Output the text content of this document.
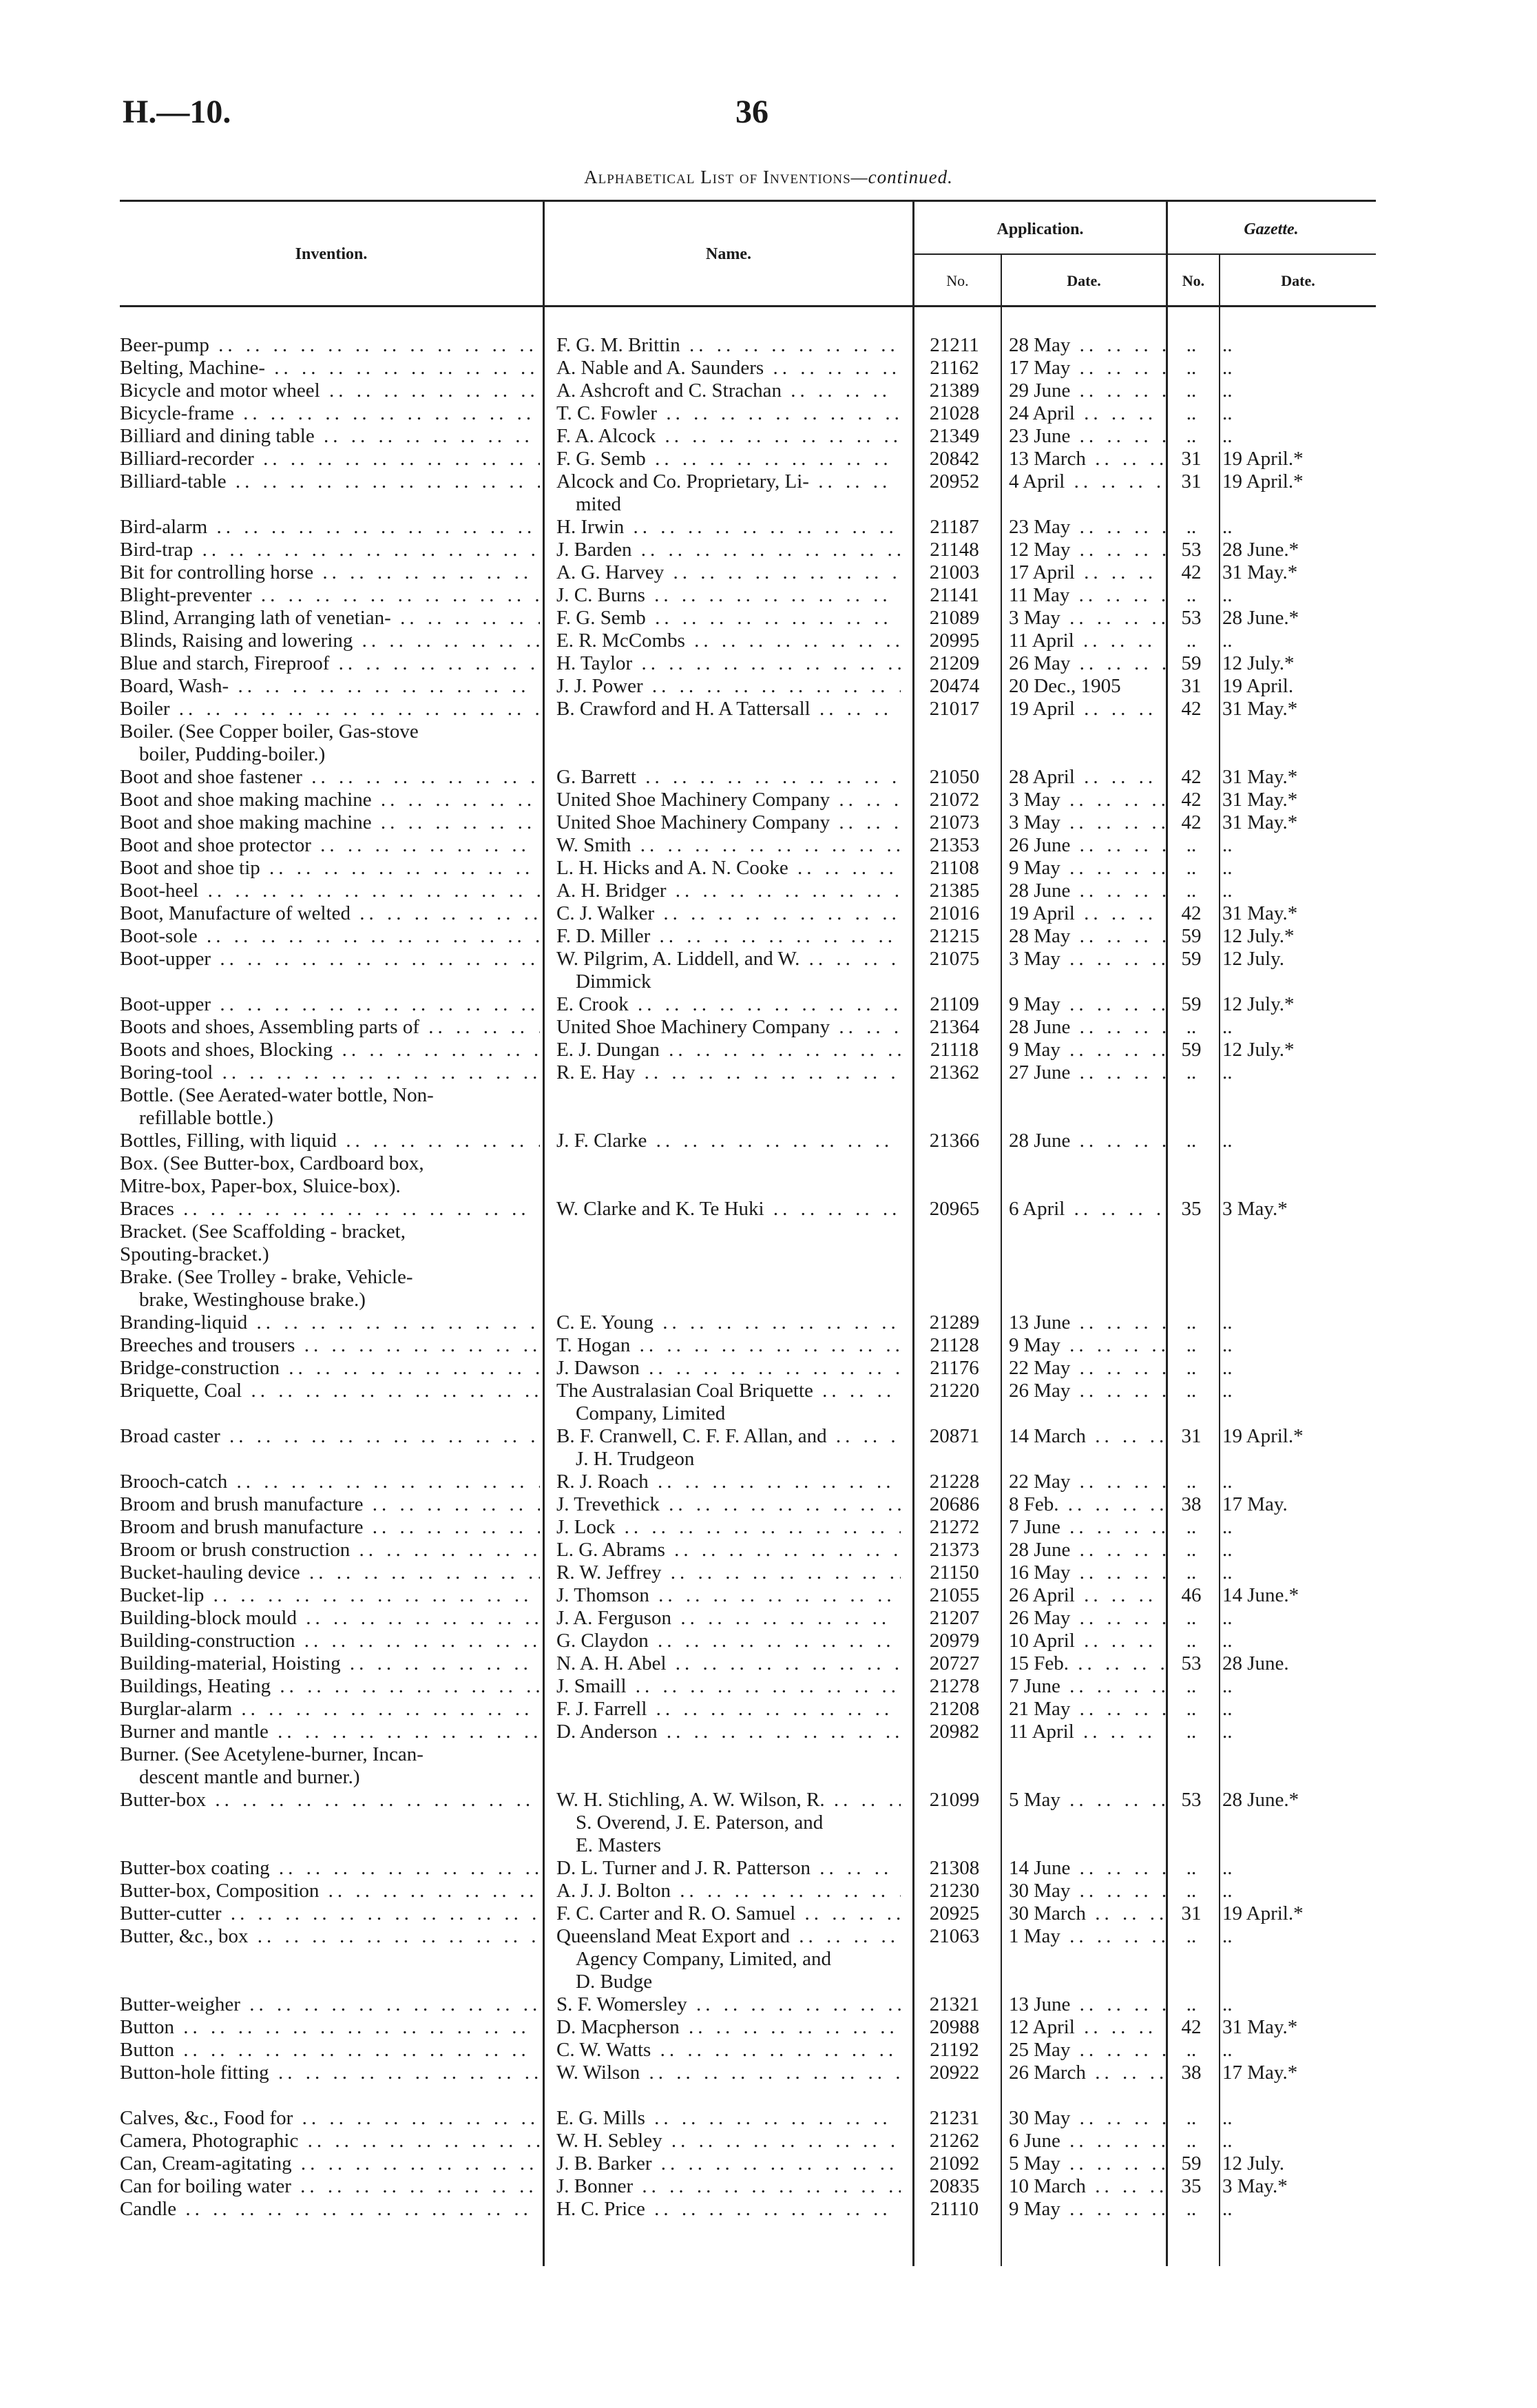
H.—10.	36
Alphabetical List of Inventions—continued.
Invention.	Name.
Application.	Gazette.
No.	Date.	No.	Date.
Beer-pump .. ..	F. G. M. Brittin .. ..	21211	28 May .. ..	..	..
Belting, Machine- .. ..	A. Nable and A. Saunders .. ..	21162	17 May .. ..	..	..
Bicycle and motor wheel .. ..	A. Ashcroft and C. Strachan .. ..	21389	29 June .. ..	..	..
Bicycle-frame .. ..	T. C. Fowler .. ..	21028	24 April .. ..	..	..
Billiard and dining table .. ..	F. A. Alcock .. ..	21349	23 June .. ..	..	..
Billiard-recorder .. ..	F. G. Semb .. ..	20842	13 March .. ..	31	19 April.*
Billiard-table .. ..	Alcock and Co. Proprietary, Li- .. ..	20952	4 April .. ..	31	19 April.*
mited
Bird-alarm .. ..	H. Irwin .. ..	21187	23 May .. ..	..	..
Bird-trap .. ..	J. Barden .. ..	21148	12 May .. ..	53	28 June.*
Bit for controlling horse .. ..	A. G. Harvey .. ..	21003	17 April .. ..	42	31 May.*
Blight-preventer .. ..	J. C. Burns .. ..	21141	11 May .. ..	..	..
Blind, Arranging lath of venetian- .. ..	F. G. Semb .. ..	21089	3 May .. ..	53	28 June.*
Blinds, Raising and lowering .. ..	E. R. McCombs .. ..	20995	11 April .. ..	..	..
Blue and starch, Fireproof .. ..	H. Taylor .. ..	21209	26 May .. ..	59	12 July.*
Board, Wash- .. ..	J. J. Power .. ..	20474	20 Dec., 1905	31	19 April.
Boiler .. ..	B. Crawford and H. A Tattersall .. ..	21017	19 April .. ..	42	31 May.*
Boiler. (See Copper boiler, Gas-stove
boiler, Pudding-boiler.)
Boot and shoe fastener .. ..	G. Barrett .. ..	21050	28 April .. ..	42	31 May.*
Boot and shoe making machine .. ..	United Shoe Machinery Company .. ..	21072	3 May .. ..	42	31 May.*
Boot and shoe making machine .. ..	United Shoe Machinery Company .. ..	21073	3 May .. ..	42	31 May.*
Boot and shoe protector .. ..	W. Smith .. ..	21353	26 June .. ..	..	..
Boot and shoe tip .. ..	L. H. Hicks and A. N. Cooke .. ..	21108	9 May .. ..	..	..
Boot-heel .. ..	A. H. Bridger .. ..	21385	28 June .. ..	..	..
Boot, Manufacture of welted .. ..	C. J. Walker .. ..	21016	19 April .. ..	42	31 May.*
Boot-sole .. ..	F. D. Miller .. ..	21215	28 May .. ..	59	12 July.*
Boot-upper .. ..	W. Pilgrim, A. Liddell, and W. .. ..	21075	3 May .. ..	59	12 July.
Dimmick
Boot-upper .. ..	E. Crook .. ..	21109	9 May .. ..	59	12 July.*
Boots and shoes, Assembling parts of .. ..	United Shoe Machinery Company .. ..	21364	28 June .. ..	..	..
Boots and shoes, Blocking .. ..	E. J. Dungan .. ..	21118	9 May .. ..	59	12 July.*
Boring-tool .. ..	R. E. Hay .. ..	21362	27 June .. ..	..	..
Bottle. (See Aerated-water bottle, Non-
refillable bottle.)
Bottles, Filling, with liquid .. ..	J. F. Clarke .. ..	21366	28 June .. ..	..	..
Box. (See Butter-box, Cardboard box,
Mitre-box, Paper-box, Sluice-box).
Braces .. ..	W. Clarke and K. Te Huki .. ..	20965	6 April .. ..	35	3 May.*
Bracket. (See Scaffolding - bracket,
Spouting-bracket.)
Brake. (See Trolley - brake, Vehicle-
brake, Westinghouse brake.)
Branding-liquid .. ..	C. E. Young .. ..	21289	13 June .. ..	..	..
Breeches and trousers .. ..	T. Hogan .. ..	21128	9 May .. ..	..	..
Bridge-construction .. ..	J. Dawson .. ..	21176	22 May .. ..	..	..
Briquette, Coal .. ..	The Australasian Coal Briquette .. ..	21220	26 May .. ..	..	..
Company, Limited
Broad caster .. ..	B. F. Cranwell, C. F. F. Allan, and .. ..	20871	14 March .. ..	31	19 April.*
J. H. Trudgeon
Brooch-catch .. ..	R. J. Roach .. ..	21228	22 May .. ..	..	..
Broom and brush manufacture .. ..	J. Trevethick .. ..	20686	8 Feb. .. ..	38	17 May.
Broom and brush manufacture .. ..	J. Lock .. ..	21272	7 June .. ..	..	..
Broom or brush construction .. ..	L. G. Abrams .. ..	21373	28 June .. ..	..	..
Bucket-hauling device .. ..	R. W. Jeffrey .. ..	21150	16 May .. ..	..	..
Bucket-lip .. ..	J. Thomson .. ..	21055	26 April .. ..	46	14 June.*
Building-block mould .. ..	J. A. Ferguson .. ..	21207	26 May .. ..	..	..
Building-construction .. ..	G. Claydon .. ..	20979	10 April .. ..	..	..
Building-material, Hoisting .. ..	N. A. H. Abel .. ..	20727	15 Feb. .. ..	53	28 June.
Buildings, Heating .. ..	J. Smaill .. ..	21278	7 June .. ..	..	..
Burglar-alarm .. ..	F. J. Farrell .. ..	21208	21 May .. ..	..	..
Burner and mantle .. ..	D. Anderson .. ..	20982	11 April .. ..	..	..
Burner. (See Acetylene-burner, Incan-
descent mantle and burner.)
Butter-box .. ..	W. H. Stichling, A. W. Wilson, R. .. ..	21099	5 May .. ..	53	28 June.*
S. Overend, J. E. Paterson, and
E. Masters
Butter-box coating .. ..	D. L. Turner and J. R. Patterson .. ..	21308	14 June .. ..	..	..
Butter-box, Composition .. ..	A. J. J. Bolton .. ..	21230	30 May .. ..	..	..
Butter-cutter .. ..	F. C. Carter and R. O. Samuel .. ..	20925	30 March .. ..	31	19 April.*
Butter, &c., box .. ..	Queensland Meat Export and .. ..	21063	1 May .. ..	..	..
Agency Company, Limited, and
D. Budge
Butter-weigher .. ..	S. F. Womersley .. ..	21321	13 June .. ..	..	..
Button .. ..	D. Macpherson .. ..	20988	12 April .. ..	42	31 May.*
Button .. ..	C. W. Watts .. ..	21192	25 May .. ..	..	..
Button-hole fitting .. ..	W. Wilson .. ..	20922	26 March .. ..	38	17 May.*
Calves, &c., Food for .. ..	E. G. Mills .. ..	21231	30 May .. ..	..	..
Camera, Photographic .. ..	W. H. Sebley .. ..	21262	6 June .. ..	..	..
Can, Cream-agitating .. ..	J. B. Barker .. ..	21092	5 May .. ..	59	12 July.
Can for boiling water .. ..	J. Bonner .. ..	20835	10 March .. ..	35	3 May.*
Candle .. ..	H. C. Price .. ..	21110	9 May .. ..	..	..
